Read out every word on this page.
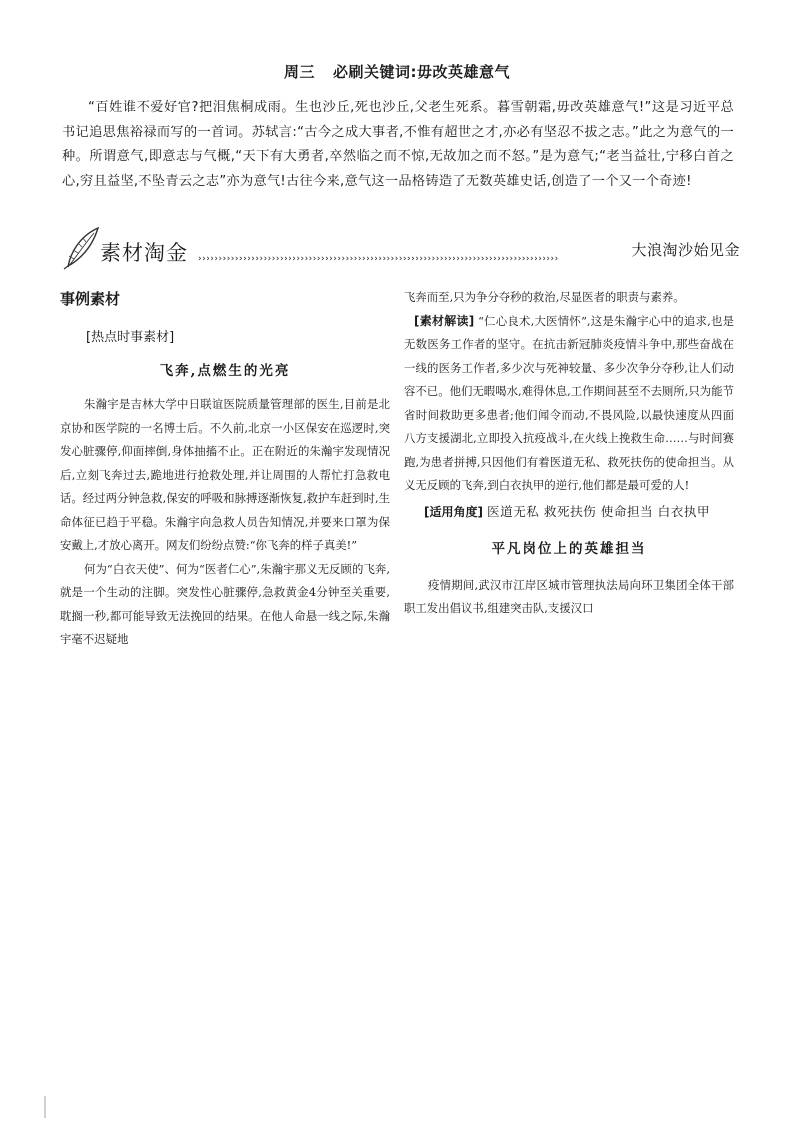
周三 必刷关键词:毋改英雄意气

“百姓谁不爱好官?把泪焦桐成雨。生也沙丘,死也沙丘,父老生死系。暮雪朝霜,毋改英雄意气!”这是习近平总书记追思焦裕禄而写的一首词。苏轼言:“古今之成大事者,不惟有超世之才,亦必有坚忍不拔之志。”此之为意气的一种。所谓意气,即意志与气概,“天下有大勇者,卒然临之而不惊,无故加之而不怒。”是为意气;“老当益壮,宁移白首之心,穷且益坚,不坠青云之志”亦为意气!古往今来,意气这一品格铸造了无数英雄史话,创造了一个又一个奇迹!

素材淘金 ››››››››››››››››››››››››››››››››››››››››››››››››››››››››››››››››››››››››››››››››››››››››	大浪淘沙始见金
事例素材
[热点时事素材]
飞奔,点燃生的光亮

朱瀚宇是吉林大学中日联谊医院质量管理部的医生,目前是北京协和医学院的一名博士后。不久前,北京一小区保安在巡逻时,突发心脏骤停,仰面摔倒,身体抽搐不止。正在附近的朱瀚宇发现情况后,立刻飞奔过去,跪地进行抢救处理,并让周围的人帮忙打急救电话。经过两分钟急救,保安的呼吸和脉搏逐渐恢复,救护车赶到时,生命体征已趋于平稳。朱瀚宇向急救人员告知情况,并要来口罩为保安戴上,才放心离开。网友们纷纷点赞:“你飞奔的样子真美!”

何为“白衣天使”、何为“医者仁心”,朱瀚宇那义无反顾的飞奔,就是一个生动的注脚。突发性心脏骤停,急救黄金4分钟至关重要,耽搁一秒,都可能导致无法挽回的结果。在他人命悬一线之际,朱瀚宇毫不迟疑地

飞奔而至,只为争分夺秒的救治,尽显医者的职责与素养。

[素材解读] “仁心良术,大医情怀”,这是朱瀚宇心中的追求,也是无数医务工作者的坚守。在抗击新冠肺炎疫情斗争中,那些奋战在一线的医务工作者,多少次与死神较量、多少次争分夺秒,让人们动容不已。他们无暇喝水,难得休息,工作期间甚至不去厕所,只为能节省时间救助更多患者;他们闻令而动,不畏风险,以最快速度从四面八方支援湖北,立即投入抗疫战斗,在火线上挽救生命……与时间赛跑,为患者拼搏,只因他们有着医道无私、救死扶伤的使命担当。从义无反顾的飞奔,到白衣执甲的逆行,他们都是最可爱的人!

[适用角度] 医道无私 救死扶伤 使命担当 白衣执甲

平凡岗位上的英雄担当

疫情期间,武汉市江岸区城市管理执法局向环卫集团全体干部职工发出倡议书,组建突击队,支援汉口
